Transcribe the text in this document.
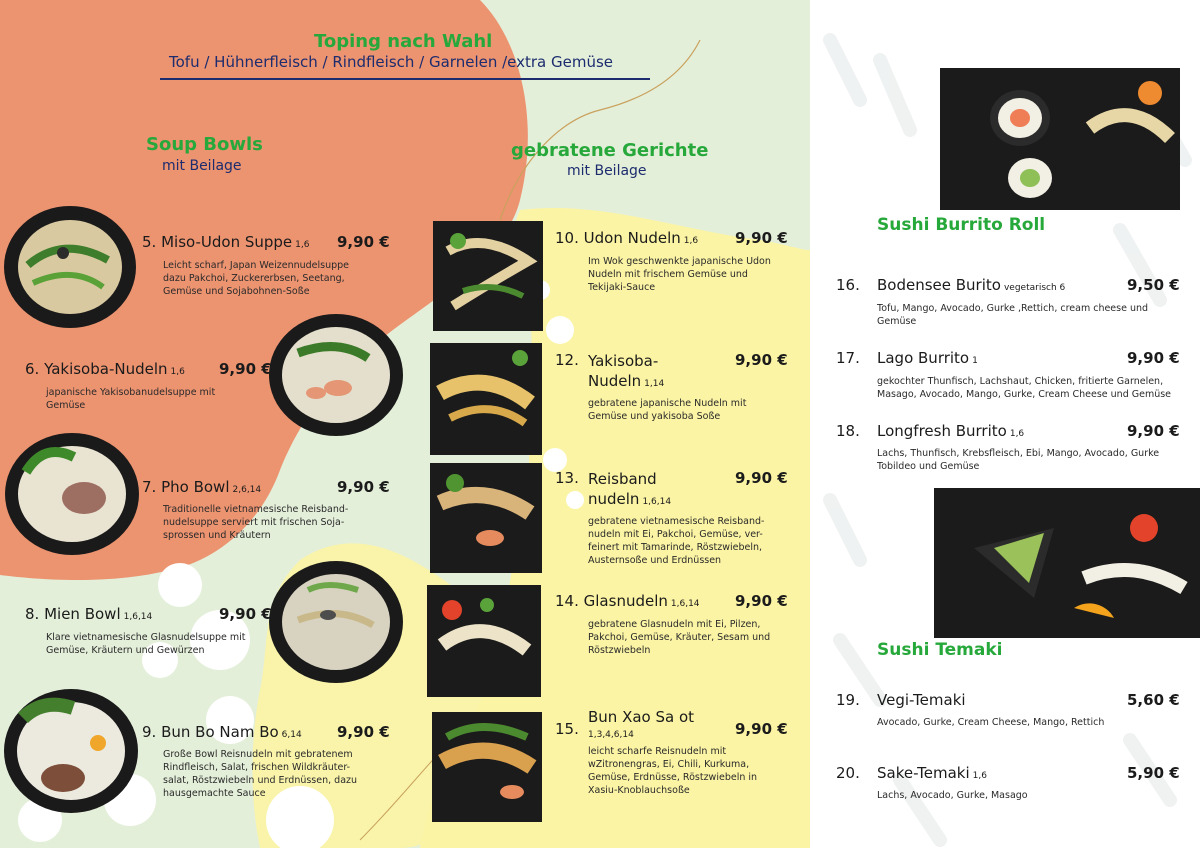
Toping nach Wahl
Tofu / Hühnerfleisch / Rindfleisch / Garnelen /extra Gemüse
Soup Bowls
mit Beilage
gebratene Gerichte
mit Beilage
Sushi Burrito Roll
Sushi Temaki
5. Miso-Udon Suppe 1,6 9,90 €
Leicht scharf, Japan Weizennudelsuppe
dazu Pakchoi, Zuckererbsen, Seetang,
Gemüse und Sojabohnen-Soße
6. Yakisoba-Nudeln 1,6 9,90 €
japanische Yakisobanudelsuppe mit
Gemüse
7. Pho Bowl 2,6,14	9,90 €
Traditionelle vietnamesische Reisband-
nudelsuppe serviert mit frischen Soja-
sprossen und Kräutern
8. Mien Bowl 1,6,14	9,90 €
Klare vietnamesische Glasnudelsuppe mit
Gemüse, Kräutern und Gewürzen
9. Bun Bo Nam Bo 6,14 9,90 €
Große Bowl Reisnudeln mit gebratenem
Rindfleisch, Salat, frischen Wildkräuter-
salat, Röstzwiebeln und Erdnüssen, dazu
hausgemachte Sauce
10. Udon Nudeln 1,6 9,90 €
Im Wok geschwenkte japanische Udon
Nudeln mit frischem Gemüse und
Tekijaki-Sauce
12. Yakisoba-
Nudeln 1,14
9,90 €
gebratene japanische Nudeln mit
Gemüse und yakisoba Soße
13. Reisband
nudeln 1,6,14
9,90 €
gebratene vietnamesische Reisband-
nudeln mit Ei, Pakchoi, Gemüse, ver-
feinert mit Tamarinde, Röstzwiebeln,
Austernsoße und Erdnüssen
14. Glasnudeln 1,6,14 9,90 €
gebratene Glasnudeln mit Ei, Pilzen,
Pakchoi, Gemüse, Kräuter, Sesam und
Röstzwiebeln
15.
Bun Xao Sa ot
1,3,4,6,14	9,90 €
leicht scharfe Reisnudeln mit
wZitronengras, Ei, Chili, Kurkuma,
Gemüse, Erdnüsse, Röstzwiebeln in
Xasiu-Knoblauchsoße
16. Bodensee Burito vegetarisch 6	9,50 €
Tofu, Mango, Avocado, Gurke ,Rettich, cream cheese und
Gemüse
17. Lago Burrito 1	9,90 €
gekochter Thunfisch, Lachshaut, Chicken, fritierte Garnelen,
Masago, Avocado, Mango, Gurke, Cream Cheese und Gemüse
18. Longfresh Burrito 1,6	9,90 €
Lachs, Thunfisch, Krebsfleisch, Ebi, Mango, Avocado, Gurke
Tobildeo und Gemüse
19. Vegi-Temaki	5,60 €
Avocado, Gurke, Cream Cheese, Mango, Rettich
20. Sake-Temaki 1,6	5,90 €
Lachs, Avocado, Gurke, Masago
